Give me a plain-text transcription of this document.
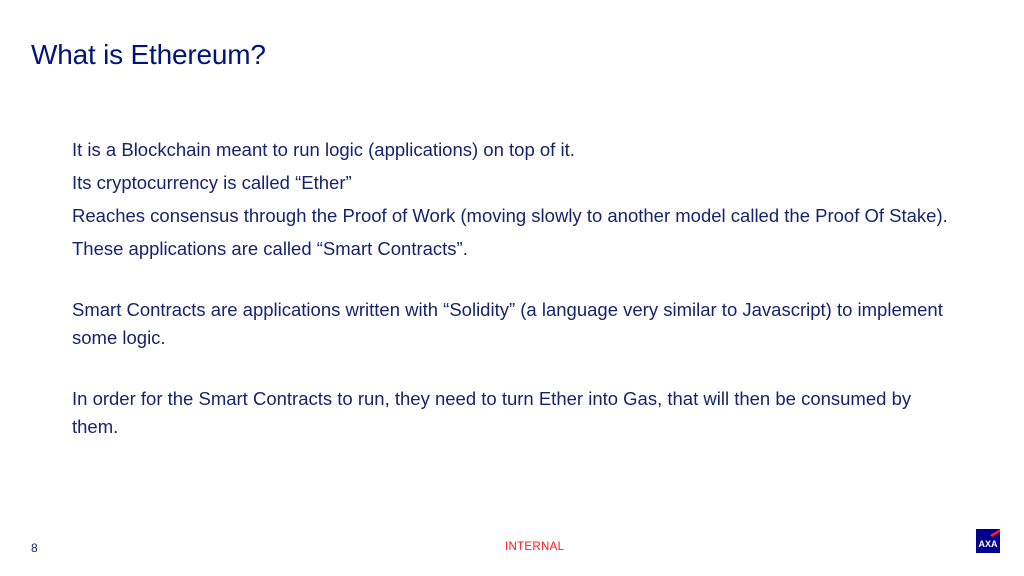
What is Ethereum?

It is a Blockchain meant to run logic (applications) on top of it.

Its cryptocurrency is called “Ether”

Reaches consensus through the Proof of Work (moving slowly to another model called the Proof Of Stake).

These applications are called “Smart Contracts”.

Smart Contracts are applications written with “Solidity” (a language very similar to Javascript) to implement some logic.

In order for the Smart Contracts to run, they need to turn Ether into Gas, that will then be consumed by them.

8	INTERNAL	AXA
